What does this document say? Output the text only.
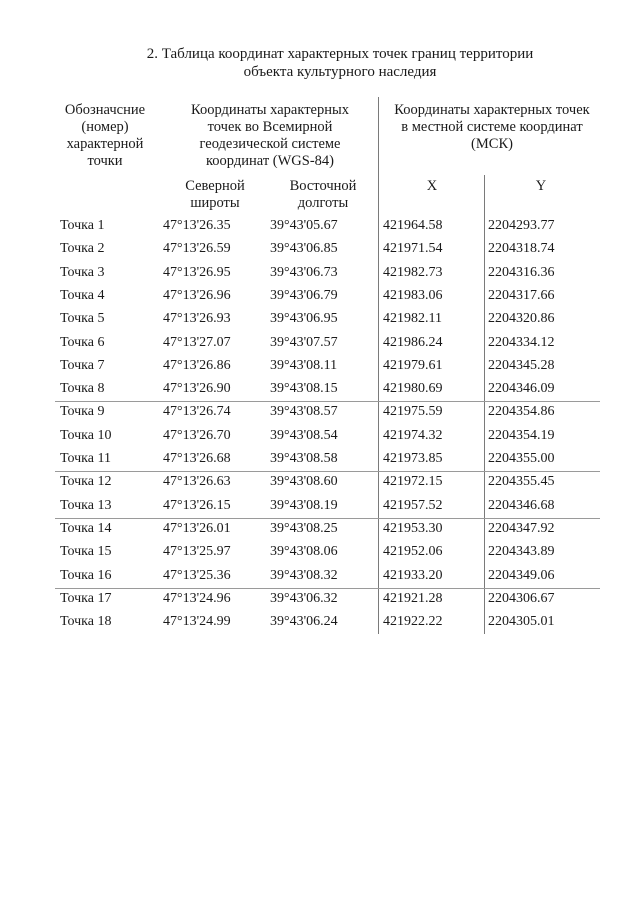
2. Таблица координат характерных точек границ территории
объекта культурного наследия
Обозначсние
(номер)
характерной
точки
Координаты характерных
точек во Всемирной
геодезической системе
координат (WGS-84)
Координаты характерных точек
в местной системе координат
(МСК)
Северной
широты
Восточной
долготы
X	Y
Точка 1	47°13'26.35	39°43'05.67	421964.58	2204293.77
Точка 2	47°13'26.59	39°43'06.85	421971.54	2204318.74
Точка 3	47°13'26.95	39°43'06.73	421982.73	2204316.36
Точка 4	47°13'26.96	39°43'06.79	421983.06	2204317.66
Точка 5	47°13'26.93	39°43'06.95	421982.11	2204320.86
Точка 6	47°13'27.07	39°43'07.57	421986.24	2204334.12
Точка 7	47°13'26.86	39°43'08.11	421979.61	2204345.28
Точка 8	47°13'26.90	39°43'08.15	421980.69	2204346.09
Точка 9	47°13'26.74	39°43'08.57	421975.59	2204354.86
Точка 10	47°13'26.70	39°43'08.54	421974.32	2204354.19
Точка 11	47°13'26.68	39°43'08.58	421973.85	2204355.00
Точка 12	47°13'26.63	39°43'08.60	421972.15	2204355.45
Точка 13	47°13'26.15	39°43'08.19	421957.52	2204346.68
Точка 14	47°13'26.01	39°43'08.25	421953.30	2204347.92
Точка 15	47°13'25.97	39°43'08.06	421952.06	2204343.89
Точка 16	47°13'25.36	39°43'08.32	421933.20	2204349.06
Точка 17	47°13'24.96	39°43'06.32	421921.28	2204306.67
Точка 18	47°13'24.99	39°43'06.24	421922.22	2204305.01
